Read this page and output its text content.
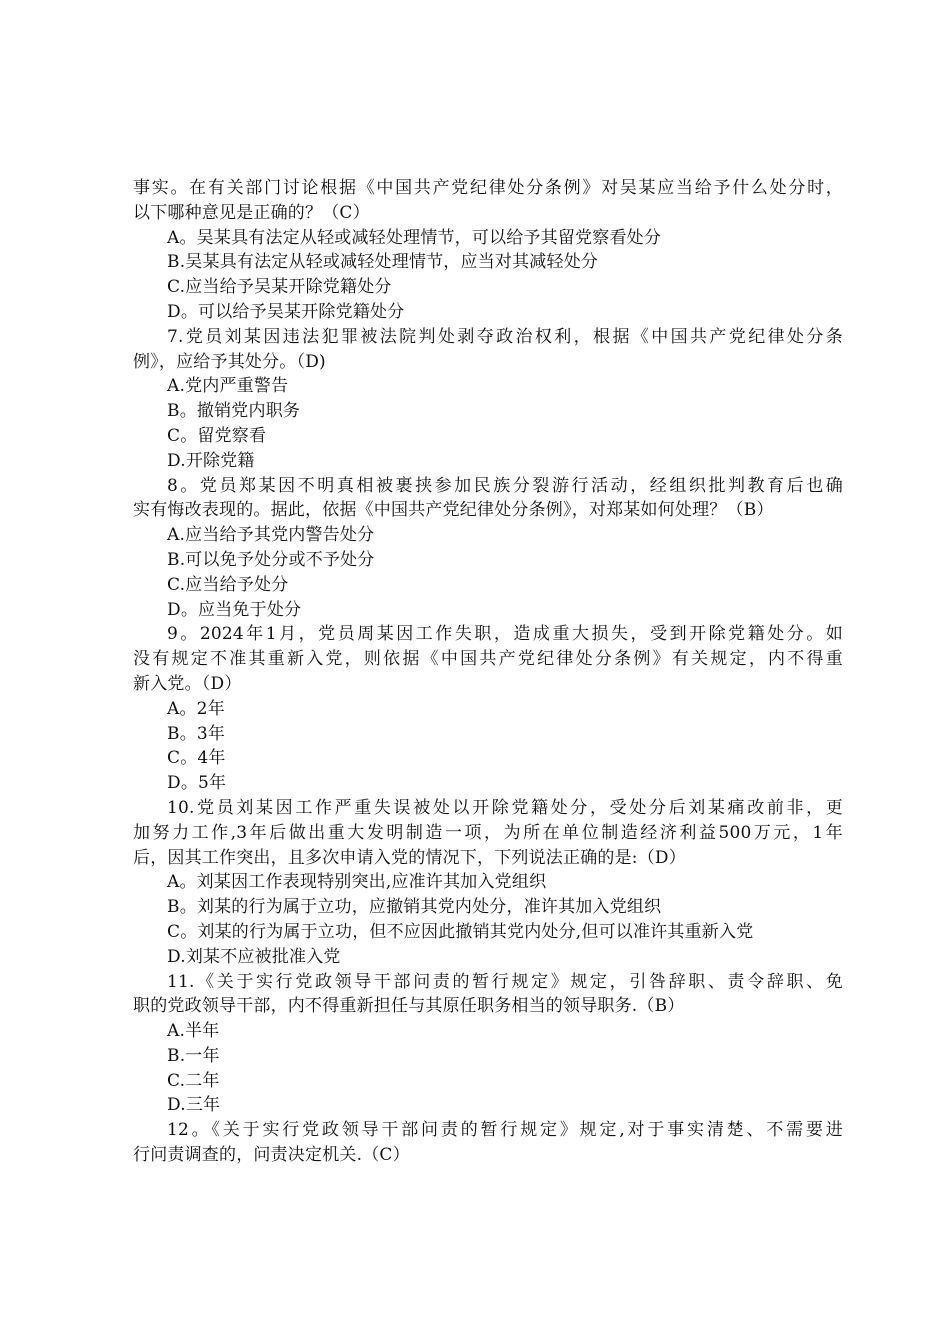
事实。在有关部门讨论根据《中国共产党纪律处分条例》对吴某应当给予什么处分时，
以下哪种意见是正确的？（C）
A。吴某具有法定从轻或减轻处理情节，可以给予其留党察看处分
B.吴某具有法定从轻或减轻处理情节，应当对其减轻处分
C.应当给予吴某开除党籍处分
D。可以给予吴某开除党籍处分
7.党员刘某因违法犯罪被法院判处剥夺政治权利，根据《中国共产党纪律处分条
例》，应给予其处分。（D)
A.党内严重警告
B。撤销党内职务
C。留党察看
D.开除党籍
8。党员郑某因不明真相被裹挟参加民族分裂游行活动，经组织批判教育后也确
实有悔改表现的。据此，依据《中国共产党纪律处分条例》，对郑某如何处理？（B）
A.应当给予其党内警告处分
B.可以免予处分或不予处分
C.应当给予处分
D。应当免于处分
9。2024年1月，党员周某因工作失职，造成重大损失，受到开除党籍处分。如
没有规定不准其重新入党，则依据《中国共产党纪律处分条例》有关规定，内不得重
新入党。（D）
A。2年
B。3年
C。4年
D。5年
10.党员刘某因工作严重失误被处以开除党籍处分，受处分后刘某痛改前非，更
加努力工作,3年后做出重大发明制造一项，为所在单位制造经济利益500万元，1年
后，因其工作突出，且多次申请入党的情况下，下列说法正确的是:（D）
A。刘某因工作表现特别突出,应准许其加入党组织
B。刘某的行为属于立功，应撤销其党内处分，准许其加入党组织
C。刘某的行为属于立功，但不应因此撤销其党内处分,但可以准许其重新入党
D.刘某不应被批准入党
11.《关于实行党政领导干部问责的暂行规定》规定，引咎辞职、责令辞职、免
职的党政领导干部，内不得重新担任与其原任职务相当的领导职务.（B）
A.半年
B.一年
C.二年
D.三年
12。《关于实行党政领导干部问责的暂行规定》规定,对于事实清楚、不需要进
行问责调查的，问责决定机关.（C）
